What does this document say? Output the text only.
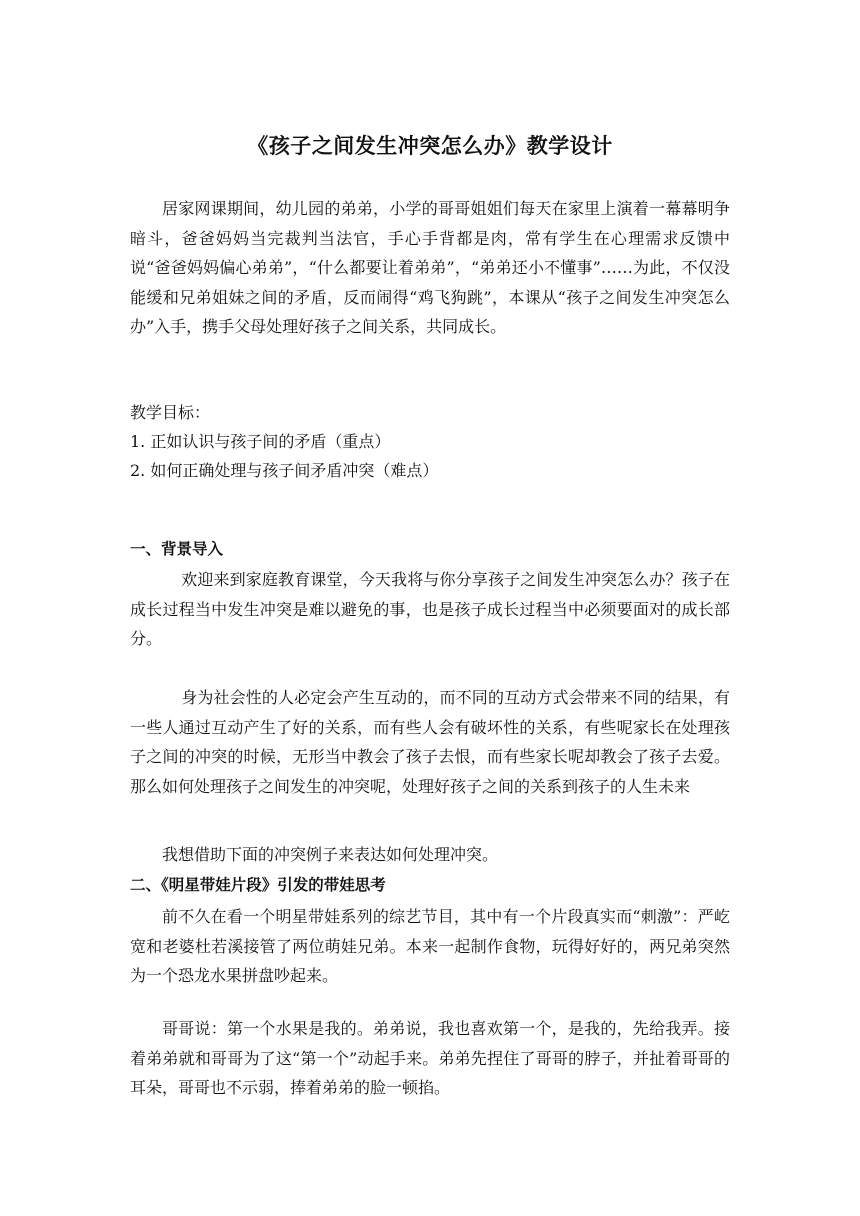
《孩子之间发生冲突怎么办》教学设计

居家网课期间，幼儿园的弟弟，小学的哥哥姐姐们每天在家里上演着一幕幕明争暗斗，爸爸妈妈当完裁判当法官，手心手背都是肉，常有学生在心理需求反馈中说“爸爸妈妈偏心弟弟”，“什么都要让着弟弟”，“弟弟还小不懂事”……为此，不仅没能缓和兄弟姐妹之间的矛盾，反而闹得“鸡飞狗跳”，本课从“孩子之间发生冲突怎么办”入手，携手父母处理好孩子之间关系，共同成长。

教学目标：

1. 正如认识与孩子间的矛盾（重点）

2. 如何正确处理与孩子间矛盾冲突（难点）

一、背景导入

欢迎来到家庭教育课堂，今天我将与你分享孩子之间发生冲突怎么办？孩子在成长过程当中发生冲突是难以避免的事，也是孩子成长过程当中必须要面对的成长部分。

身为社会性的人必定会产生互动的，而不同的互动方式会带来不同的结果，有一些人通过互动产生了好的关系，而有些人会有破坏性的关系，有些呢家长在处理孩子之间的冲突的时候，无形当中教会了孩子去恨，而有些家长呢却教会了孩子去爱。那么如何处理孩子之间发生的冲突呢，处理好孩子之间的关系到孩子的人生未来

我想借助下面的冲突例子来表达如何处理冲突。

二、《明星带娃片段》引发的带娃思考

前不久在看一个明星带娃系列的综艺节目，其中有一个片段真实而“刺激”：严屹宽和老婆杜若溪接管了两位萌娃兄弟。本来一起制作食物，玩得好好的，两兄弟突然为一个恐龙水果拼盘吵起来。

哥哥说：第一个水果是我的。弟弟说，我也喜欢第一个，是我的，先给我弄。接着弟弟就和哥哥为了这“第一个”动起手来。弟弟先捏住了哥哥的脖子，并扯着哥哥的耳朵，哥哥也不示弱，捧着弟弟的脸一顿掐。
